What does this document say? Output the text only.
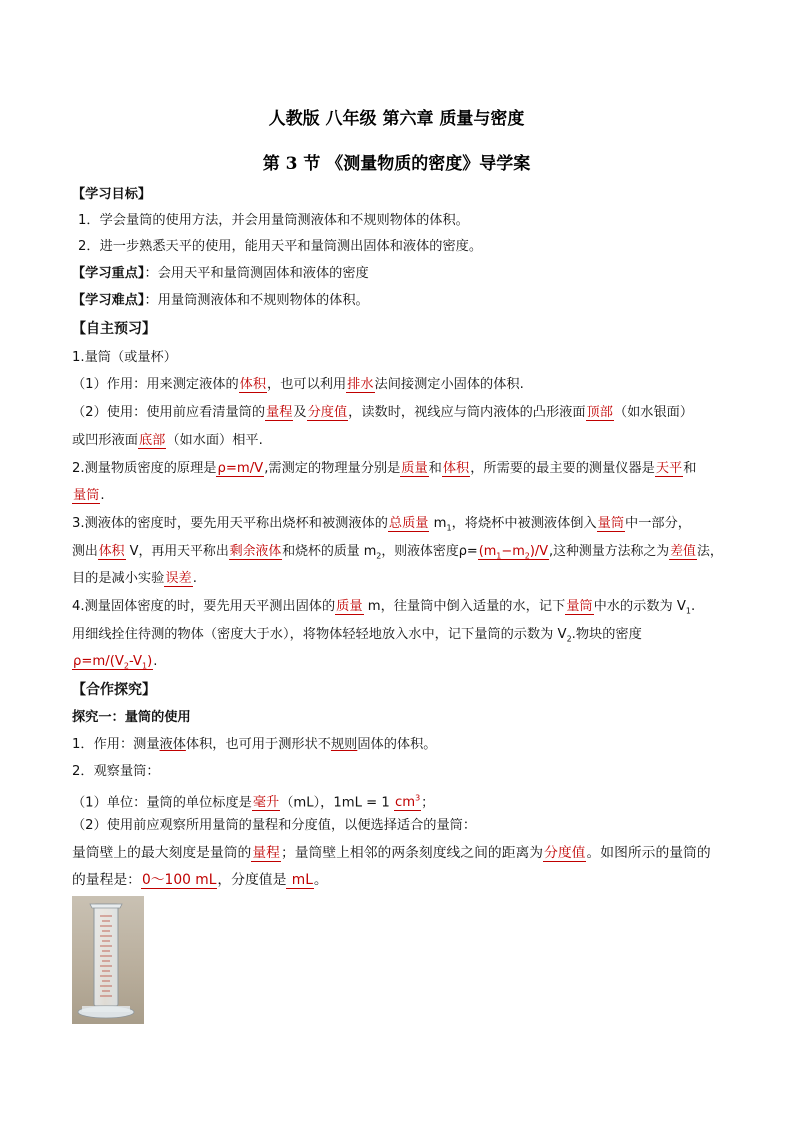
人教版 八年级 第六章 质量与密度
第 3 节 《测量物质的密度》导学案
【学习目标】
1．学会量筒的使用方法，并会用量筒测液体和不规则物体的体积。
2．进一步熟悉天平的使用，能用天平和量筒测出固体和液体的密度。
【学习重点】：会用天平和量筒测固体和液体的密度
【学习难点】：用量筒测液体和不规则物体的体积。
【自主预习】
1.量筒（或量杯）
（1）作用：用来测定液体的体积，也可以利用排水法间接测定小固体的体积.
（2）使用：使用前应看清量筒的量程及分度值，读数时，视线应与筒内液体的凸形液面顶部（如水银面）
或凹形液面底部（如水面）相平.
2.测量物质密度的原理是ρ=m/V,需测定的物理量分别是质量和体积，所需要的最主要的测量仪器是天平和
量筒.
3.测液体的密度时，要先用天平称出烧杯和被测液体的总质量 $m_1$，将烧杯中被测液体倒入量筒中一部分，
测出体积 V，再用天平称出剩余液体和烧杯的质量 $m_2$，则液体密度$\rho=(m_1-m_2)/V$,这种测量方法称之为差值法，
目的是减小实验误差.
4.测量固体密度的时，要先用天平测出固体的质量 m，往量筒中倒入适量的水，记下量筒中水的示数为 $V_1$.
用细线拴住待测的物体（密度大于水），将物体轻轻地放入水中，记下量筒的示数为 $V_2$.物块的密度
$\rho=m/(V_2-V_1)$.
【合作探究】
探究一：量筒的使用
1．作用：测量液体体积，也可用于测形状不规则固体的体积。
2．观察量筒：
（1）单位：量筒的单位标度是毫升（mL），1mL = 1 $cm^3$；
（2）使用前应观察所用量筒的量程和分度值，以便选择适合的量筒：
量筒壁上的最大刻度是量筒的量程；量筒壁上相邻的两条刻度线之间的距离为分度值。如图所示的量筒的
的量程是：0～100 mL，分度值是 mL。
